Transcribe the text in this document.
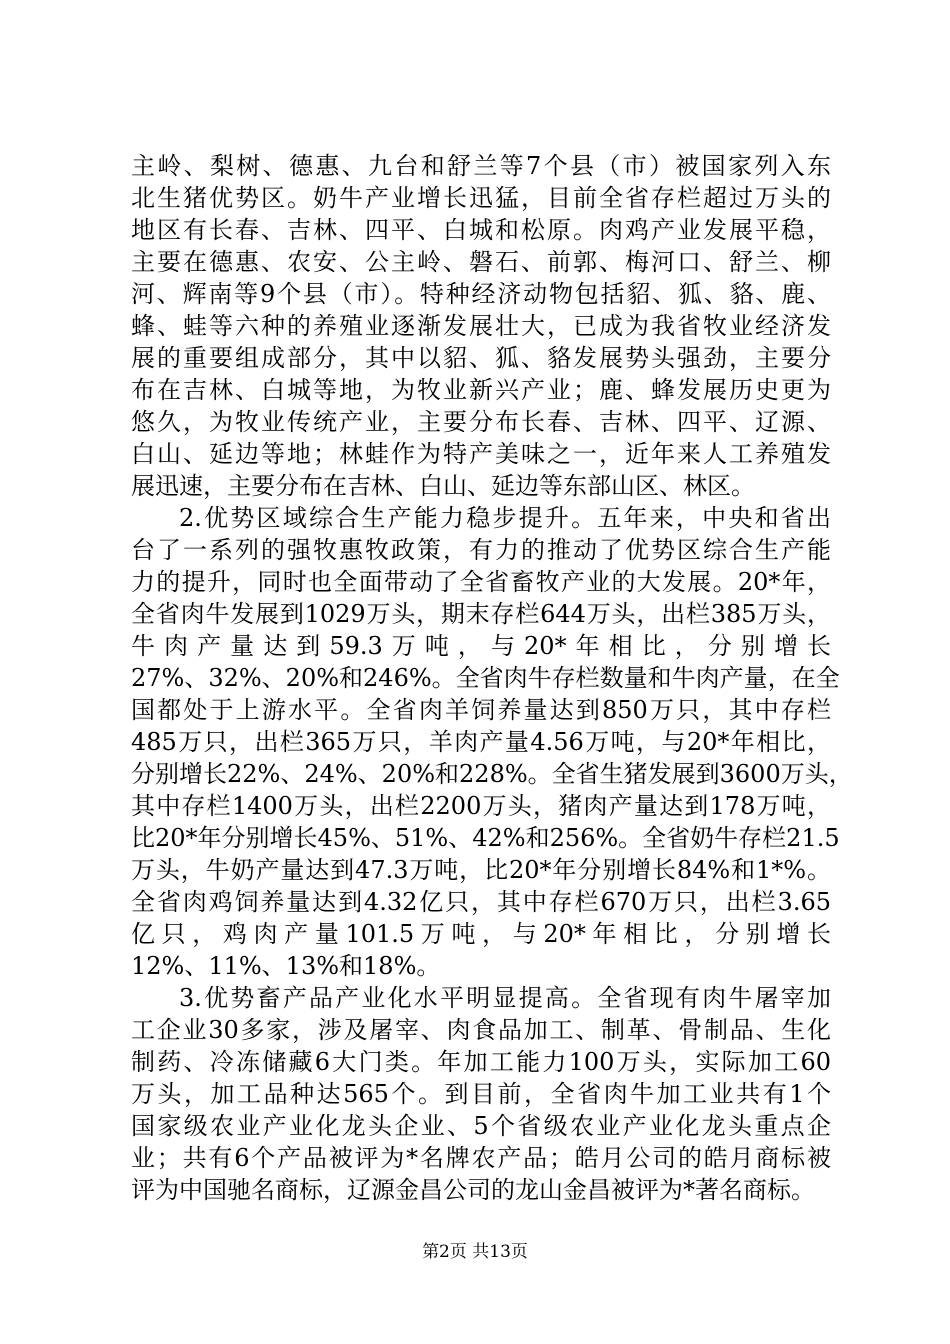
主岭、梨树、德惠、九台和舒兰等7个县（市）被国家列入东
北生猪优势区。奶牛产业增长迅猛，目前全省存栏超过万头的
地区有长春、吉林、四平、白城和松原。肉鸡产业发展平稳，
主要在德惠、农安、公主岭、磐石、前郭、梅河口、舒兰、柳
河、辉南等9个县（市）。特种经济动物包括貂、狐、貉、鹿、
蜂、蛙等六种的养殖业逐渐发展壮大，已成为我省牧业经济发
展的重要组成部分，其中以貂、狐、貉发展势头强劲，主要分
布在吉林、白城等地，为牧业新兴产业；鹿、蜂发展历史更为
悠久，为牧业传统产业，主要分布长春、吉林、四平、辽源、
白山、延边等地；林蛙作为特产美味之一，近年来人工养殖发
展迅速，主要分布在吉林、白山、延边等东部山区、林区。
2.优势区域综合生产能力稳步提升。五年来，中央和省出
台了一系列的强牧惠牧政策，有力的推动了优势区综合生产能
力的提升，同时也全面带动了全省畜牧产业的大发展。20*年，
全省肉牛发展到1029万头，期末存栏644万头，出栏385万头，
牛肉产量达到59.3万吨，与20*年相比，分别增长
27%、32%、20%和246%。全省肉牛存栏数量和牛肉产量，在全
国都处于上游水平。全省肉羊饲养量达到850万只，其中存栏
485万只，出栏365万只，羊肉产量4.56万吨，与20*年相比，
分别增长22%、24%、20%和228%。全省生猪发展到3600万头，
其中存栏1400万头，出栏2200万头，猪肉产量达到178万吨，
比20*年分别增长45%、51%、42%和256%。全省奶牛存栏21.5
万头，牛奶产量达到47.3万吨，比20*年分别增长84%和1*%。
全省肉鸡饲养量达到4.32亿只，其中存栏670万只，出栏3.65
亿只，鸡肉产量101.5万吨，与20*年相比，分别增长
12%、11%、13%和18%。
3.优势畜产品产业化水平明显提高。全省现有肉牛屠宰加
工企业30多家，涉及屠宰、肉食品加工、制革、骨制品、生化
制药、冷冻储藏6大门类。年加工能力100万头，实际加工60
万头，加工品种达565个。到目前，全省肉牛加工业共有1个
国家级农业产业化龙头企业、5个省级农业产业化龙头重点企
业；共有6个产品被评为*名牌农产品；皓月公司的皓月商标被
评为中国驰名商标，辽源金昌公司的龙山金昌被评为*著名商标。
第2页 共13页
